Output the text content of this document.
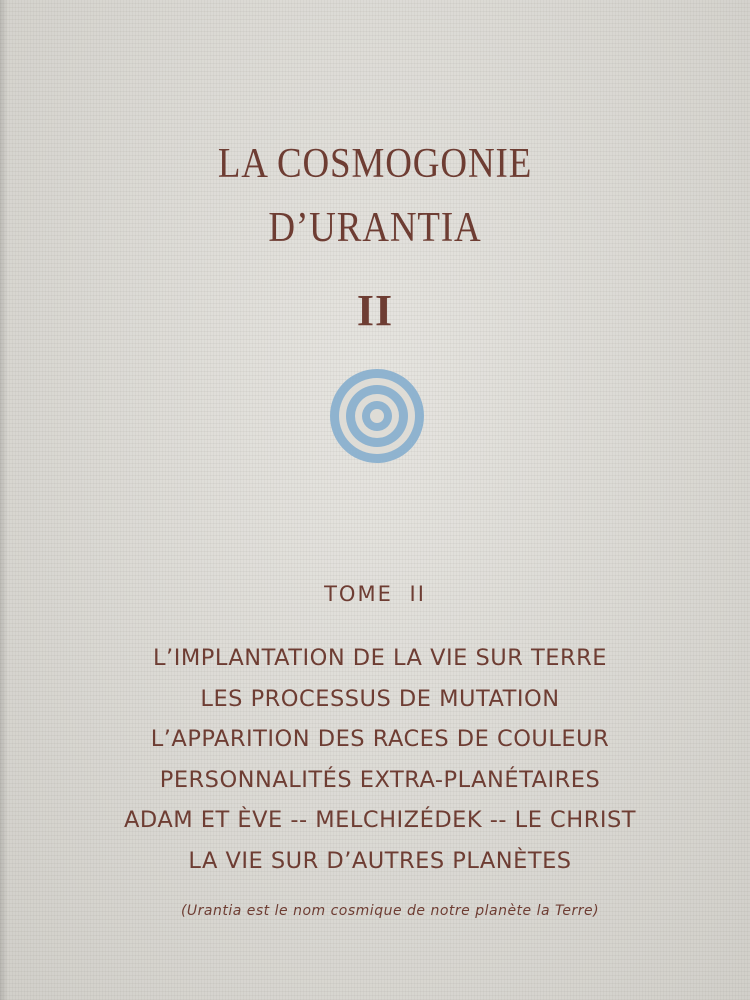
LA COSMOGONIE
D’URANTIA
II
TOME II
L’IMPLANTATION DE LA VIE SUR TERRE
LES PROCESSUS DE MUTATION
L’APPARITION DES RACES DE COULEUR
PERSONNALITÉS EXTRA-PLANÉTAIRES
ADAM ET ÈVE -- MELCHIZÉDEK -- LE CHRIST
LA VIE SUR D’AUTRES PLANÈTES
(Urantia est le nom cosmique de notre planète la Terre)
